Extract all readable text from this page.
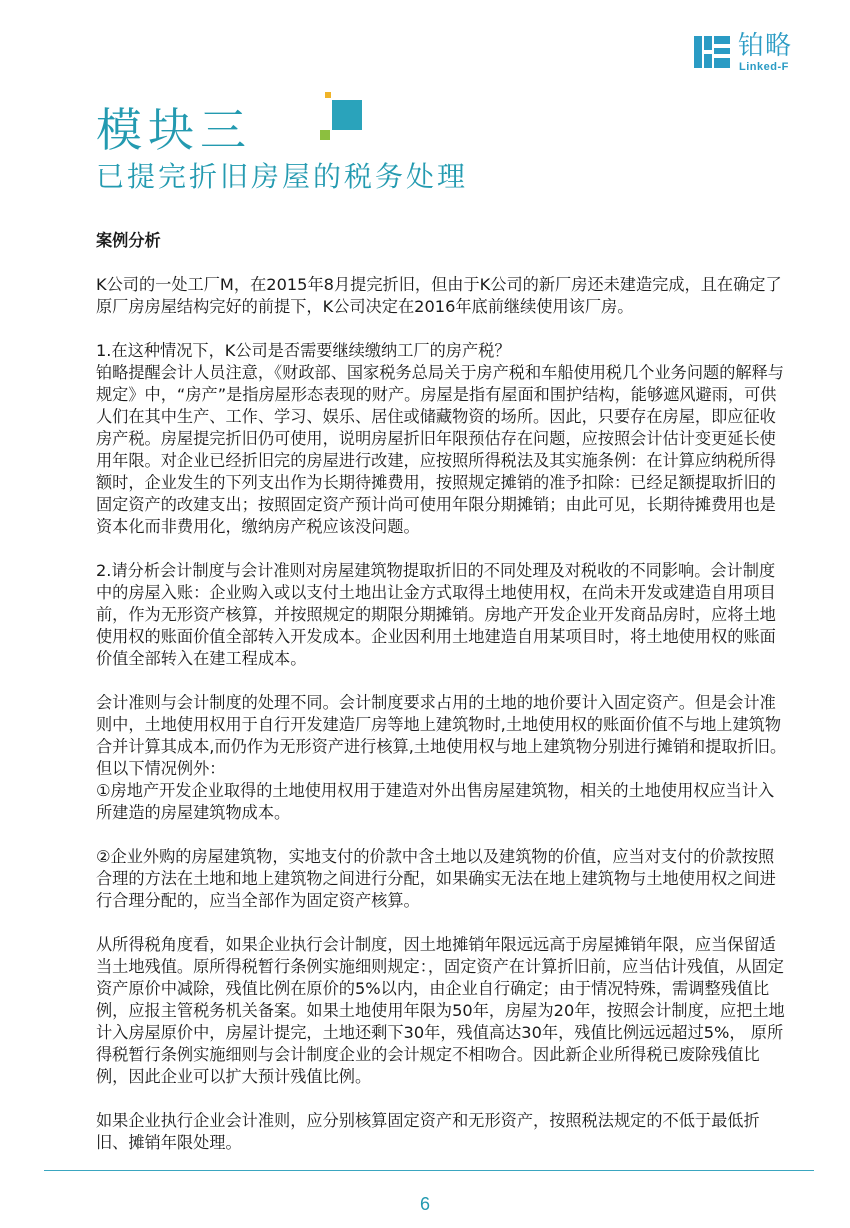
铂略
Linked-F
模块三
已提完折旧房屋的税务处理
案例分析

K公司的一处工厂M，在2015年8月提完折旧，但由于K公司的新厂房还未建造完成，且在确定了原厂房房屋结构完好的前提下，K公司决定在2016年底前继续使用该厂房。

1.在这种情况下，K公司是否需要继续缴纳工厂的房产税？

铂略提醒会计人员注意，《财政部、国家税务总局关于房产税和车船使用税几个业务问题的解释与规定》中，“房产”是指房屋形态表现的财产。房屋是指有屋面和围护结构，能够遮风避雨，可供人们在其中生产、工作、学习、娱乐、居住或储藏物资的场所。因此，只要存在房屋，即应征收房产税。房屋提完折旧仍可使用，说明房屋折旧年限预估存在问题，应按照会计估计变更延长使用年限。对企业已经折旧完的房屋进行改建，应按照所得税法及其实施条例：在计算应纳税所得额时，企业发生的下列支出作为长期待摊费用，按照规定摊销的准予扣除：已经足额提取折旧的固定资产的改建支出；按照固定资产预计尚可使用年限分期摊销；由此可见，长期待摊费用也是资本化而非费用化，缴纳房产税应该没问题。

2.请分析会计制度与会计准则对房屋建筑物提取折旧的不同处理及对税收的不同影响。会计制度中的房屋入账：企业购入或以支付土地出让金方式取得土地使用权，在尚未开发或建造自用项目前，作为无形资产核算，并按照规定的期限分期摊销。房地产开发企业开发商品房时，应将土地使用权的账面价值全部转入开发成本。企业因利用土地建造自用某项目时，将土地使用权的账面价值全部转入在建工程成本。

会计准则与会计制度的处理不同。会计制度要求占用的土地的地价要计入固定资产。但是会计准则中，土地使用权用于自行开发建造厂房等地上建筑物时,土地使用权的账面价值不与地上建筑物合并计算其成本,而仍作为无形资产进行核算,土地使用权与地上建筑物分别进行摊销和提取折旧。但以下情况例外：

①房地产开发企业取得的土地使用权用于建造对外出售房屋建筑物，相关的土地使用权应当计入所建造的房屋建筑物成本。

②企业外购的房屋建筑物，实地支付的价款中含土地以及建筑物的价值，应当对支付的价款按照合理的方法在土地和地上建筑物之间进行分配，如果确实无法在地上建筑物与土地使用权之间进行合理分配的，应当全部作为固定资产核算。

从所得税角度看，如果企业执行会计制度，因土地摊销年限远远高于房屋摊销年限，应当保留适当土地残值。原所得税暂行条例实施细则规定：，固定资产在计算折旧前，应当估计残值，从固定资产原价中减除，残值比例在原价的5%以内，由企业自行确定；由于情况特殊，需调整残值比例，应报主管税务机关备案。如果土地使用年限为50年，房屋为20年，按照会计制度，应把土地计入房屋原价中，房屋计提完，土地还剩下30年，残值高达30年，残值比例远远超过5%， 原所得税暂行条例实施细则与会计制度企业的会计规定不相吻合。因此新企业所得税已废除残值比例，因此企业可以扩大预计残值比例。

如果企业执行企业会计准则，应分别核算固定资产和无形资产，按照税法规定的不低于最低折旧、摊销年限处理。

6
